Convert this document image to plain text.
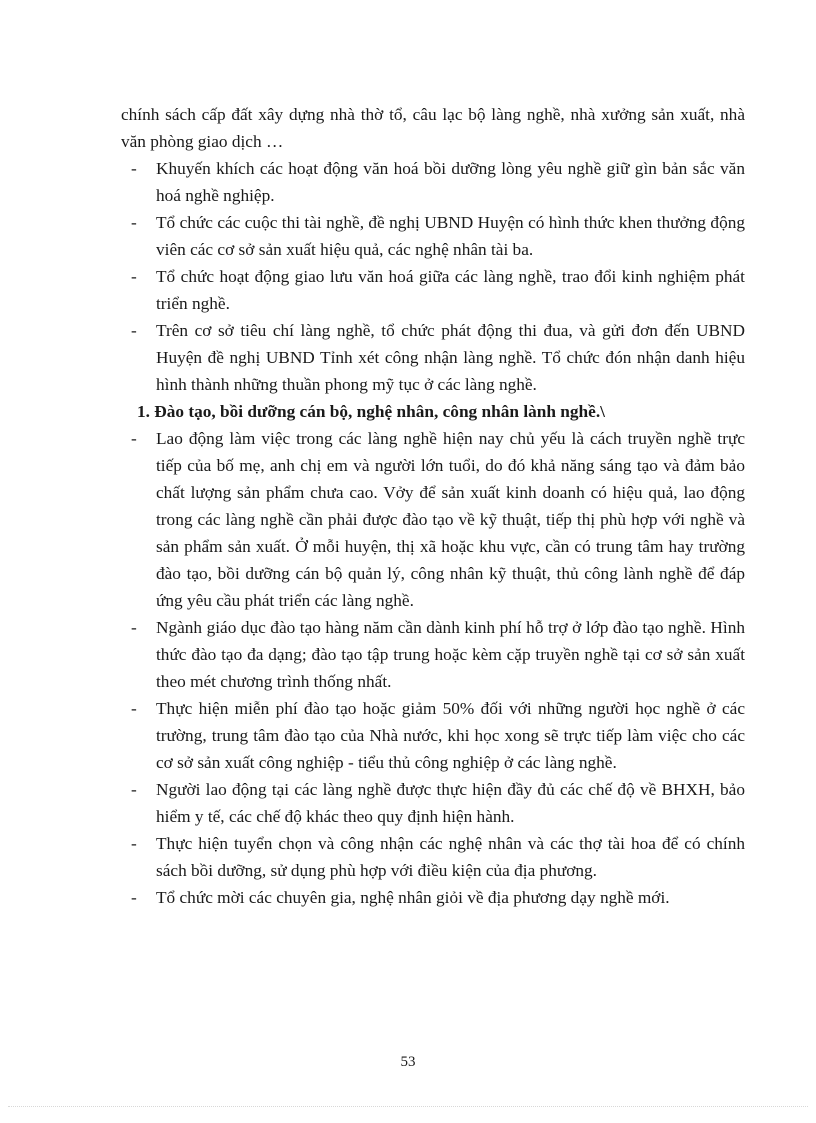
chính sách cấp đất xây dựng nhà thờ tổ, câu lạc bộ làng nghề, nhà xưởng sản xuất, nhà văn phòng giao dịch …

- Khuyến khích các hoạt động văn hoá bồi dưỡng lòng yêu nghề giữ gìn bản sắc văn hoá nghề nghiệp.
- Tổ chức các cuộc thi tài nghề, đề nghị UBND Huyện có hình thức khen thưởng động viên các cơ sở sản xuất hiệu quả, các nghệ nhân tài ba.
- Tổ chức hoạt động giao lưu văn hoá giữa các làng nghề, trao đổi kinh nghiệm phát triển nghề.
- Trên cơ sở tiêu chí làng nghề, tổ chức phát động thi đua, và gửi đơn đến UBND Huyện đề nghị UBND Tỉnh xét công nhận làng nghề. Tổ chức đón nhận danh hiệu hình thành những thuần phong mỹ tục ở các làng nghề.

1. Đào tạo, bồi dưỡng cán bộ, nghệ nhân, công nhân lành nghề.\

- Lao động làm việc trong các làng nghề hiện nay chủ yếu là cách truyền nghề trực tiếp của bố mẹ, anh chị em và người lớn tuổi, do đó khả năng sáng tạo và đảm bảo chất lượng sản phẩm chưa cao. Vởy để sản xuất kinh doanh có hiệu quả, lao động trong các làng nghề cần phải được đào tạo về kỹ thuật, tiếp thị phù hợp với nghề và sản phẩm sản xuất. Ở mỗi huyện, thị xã hoặc khu vực, cần có trung tâm hay trường đào tạo, bồi dưỡng cán bộ quản lý, công nhân kỹ thuật, thủ công lành nghề để đáp ứng yêu cầu phát triển các làng nghề.
- Ngành giáo dục đào tạo hàng năm cần dành kinh phí hỗ trợ ở lớp đào tạo nghề. Hình thức đào tạo đa dạng; đào tạo tập trung hoặc kèm cặp truyền nghề tại cơ sở sản xuất theo mét chương trình thống nhất.
- Thực hiện miễn phí đào tạo hoặc giảm 50% đối với những người học nghề ở các trường, trung tâm đào tạo của Nhà nước, khi học xong sẽ trực tiếp làm việc cho các cơ sở sản xuất công nghiệp - tiểu thủ công nghiệp ở các làng nghề.
- Người lao động tại các làng nghề được thực hiện đầy đủ các chế độ về BHXH, bảo hiểm y tế, các chế độ khác theo quy định hiện hành.
- Thực hiện tuyển chọn và công nhận các nghệ nhân và các thợ tài hoa để có chính sách bồi dưỡng, sử dụng phù hợp với điều kiện của địa phương.
- Tổ chức mời các chuyên gia, nghệ nhân giỏi về địa phương dạy nghề mới.
53
